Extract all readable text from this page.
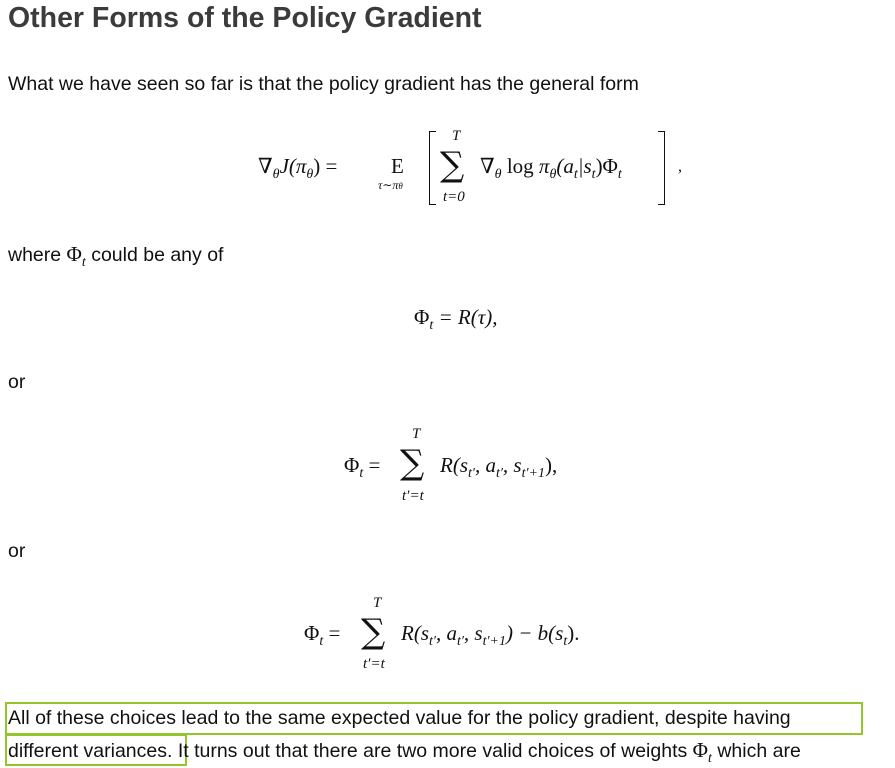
Other Forms of the Policy Gradient
What we have seen so far is that the policy gradient has the general form
$\nabla_\theta J(\pi_\theta)$ =	E
τ∼πθ
T
∑
t=0
$\nabla_\theta$ $\log \pi_\theta(a_t|s_t)\Phi_t$	,
where $\Phi_t$ could be any of
$\Phi_t = R(\tau)$,
or
$\Phi_t$ =
T
∑
t′=t
$R(s_{t'}$, $a_{t'}$, $s_{t'+1}$),
or
$\Phi_t$ =
T
∑
t′=t
$R(s_{t'}$, $a_{t'}$, $s_{t'+1}) - b(s_t)$.
All of these choices lead to the same expected value for the policy gradient, despite having
different variances. It turns out that there are two more valid choices of weights $\Phi_t$ which are
